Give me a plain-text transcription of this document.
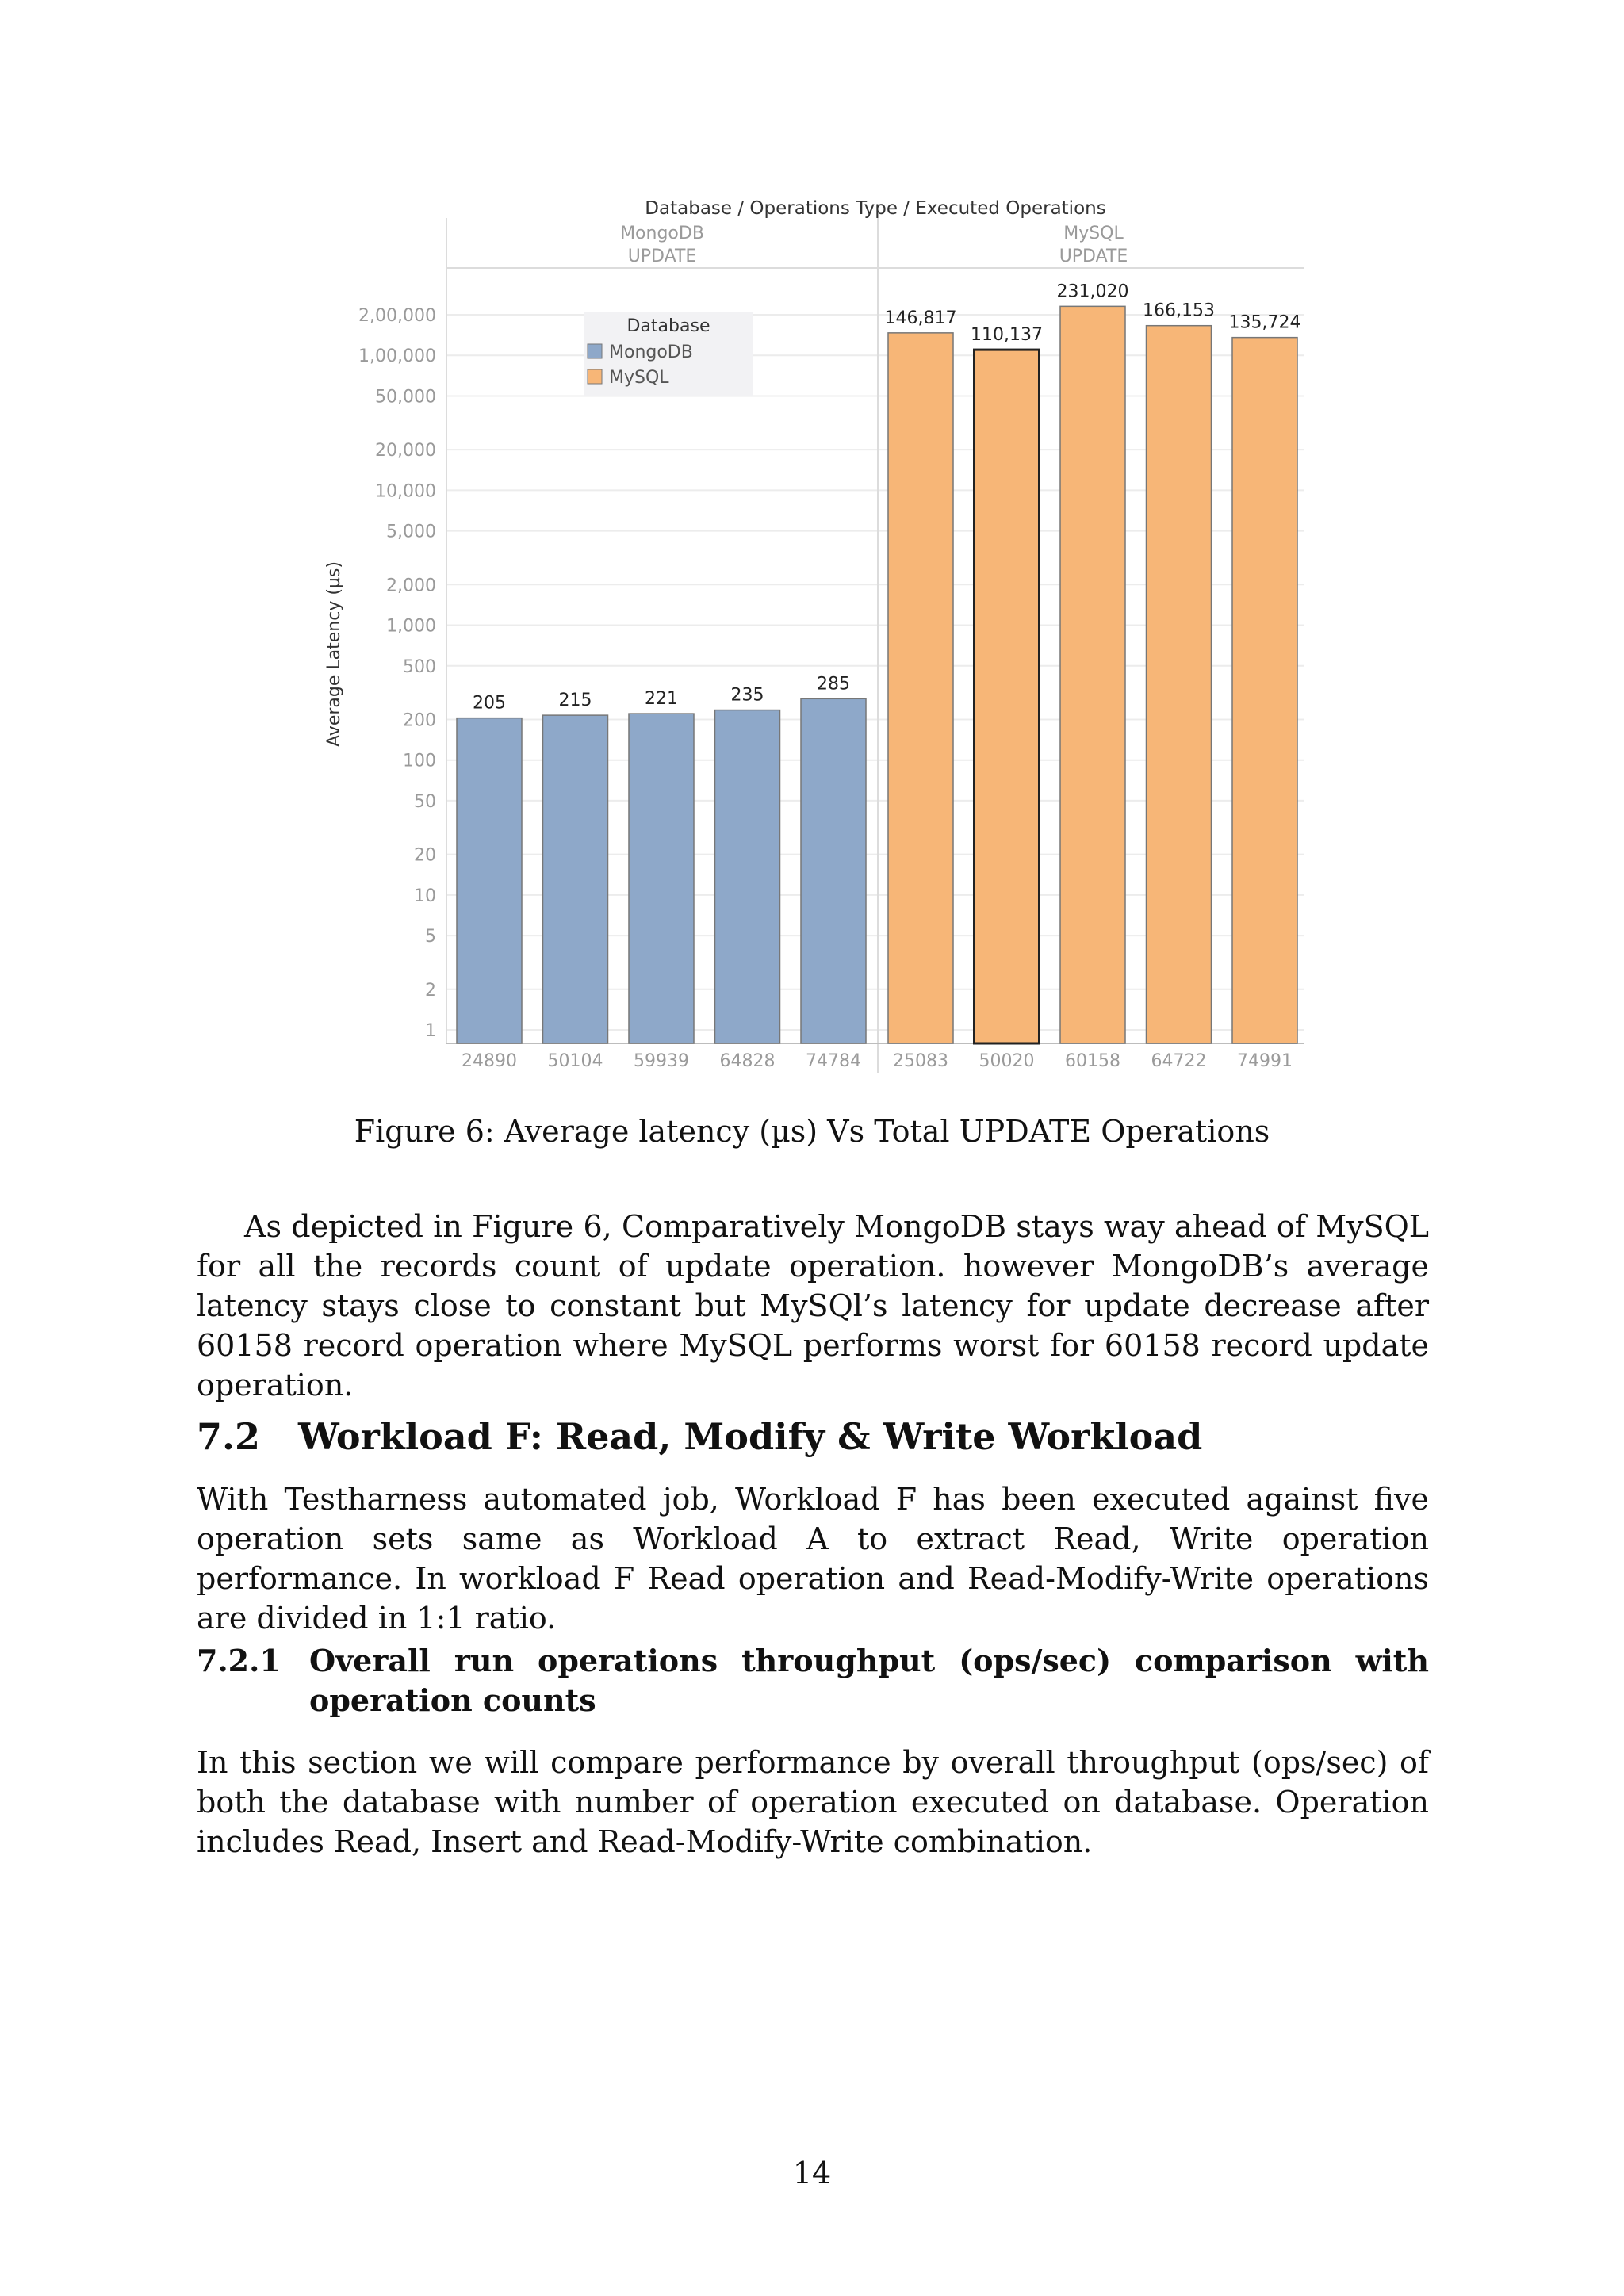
1
2
5
10
20
50
100
200
500
1,000
2,000
5,000
10,000
20,000
50,000
1,00,000
2,00,000
Database / Operations Type / Executed Operations
Average Latency (µs)
MongoDB
UPDATE
205
24890
215
50104
221
59939
235
64828
285
74784
MySQL
UPDATE
146,817
25083
110,137
50020
231,020
60158
166,153
64722
135,724
74991
Database
MongoDB
MySQL

Figure 6: Average latency (µs) Vs Total UPDATE Operations

As depicted in Figure 6, Comparatively MongoDB stays way ahead of MySQL for all the records count of update operation. however MongoDB’s average latency stays close to constant but MySQl’s latency for update decrease after 60158 record operation where MySQL performs worst for 60158 record update operation.

7.2 Workload F: Read, Modify & Write Workload

With Testharness automated job, Workload F has been executed against five operation sets same as Workload A to extract Read, Write operation performance. In workload F Read operation and Read-Modify-Write operations are divided in 1:1 ratio.

7.2.1 Overall run operations throughput (ops/sec) comparison with operation counts

In this section we will compare performance by overall throughput (ops/sec) of both the database with number of operation executed on database. Operation includes Read, Insert and Read-Modify-Write combination.

14
